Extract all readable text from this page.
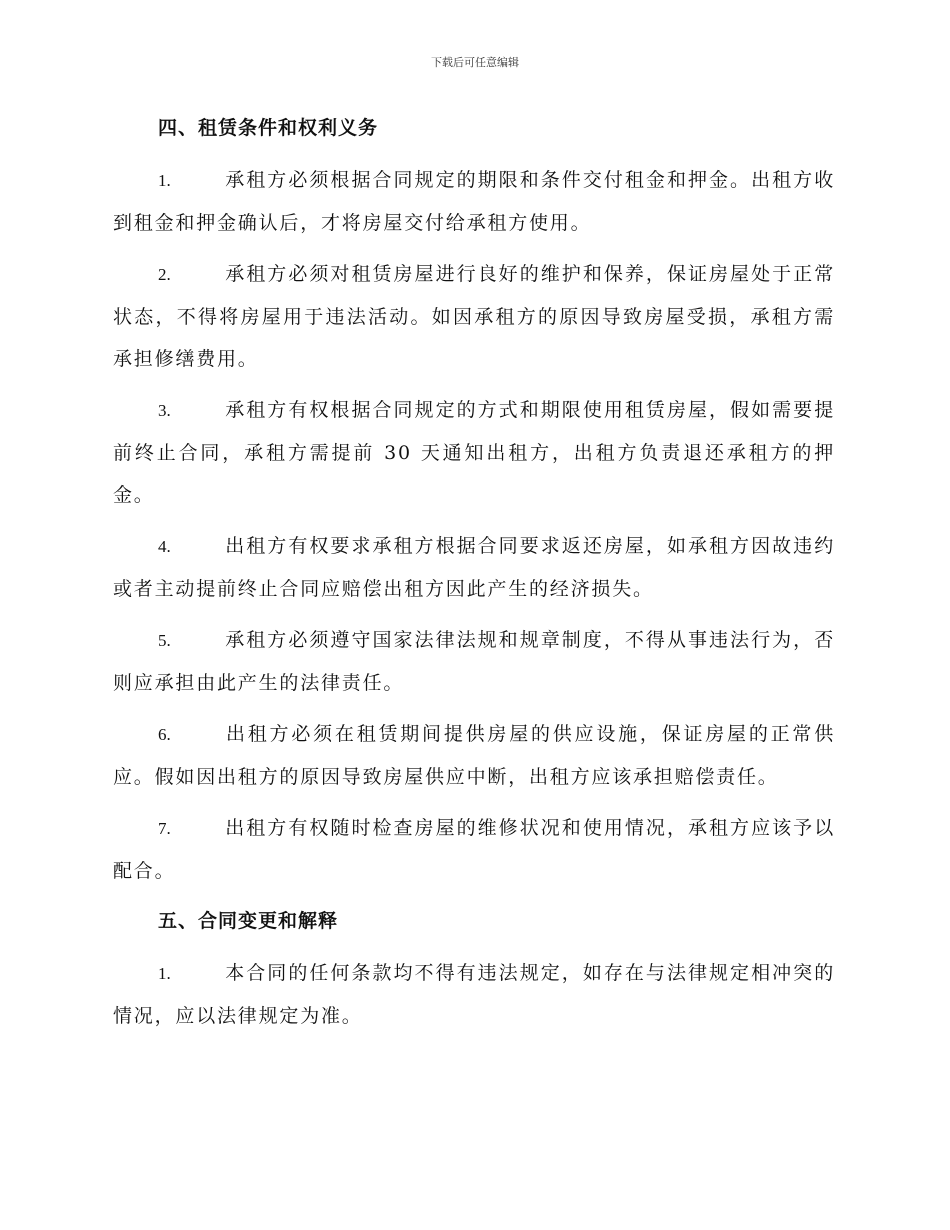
下载后可任意编辑
四、租赁条件和权利义务

1.	承租方必须根据合同规定的期限和条件交付租金和押金。出租方收到租金和押金确认后，才将房屋交付给承租方使用。

2.	承租方必须对租赁房屋进行良好的维护和保养，保证房屋处于正常状态，不得将房屋用于违法活动。如因承租方的原因导致房屋受损，承租方需承担修缮费用。

3.	承租方有权根据合同规定的方式和期限使用租赁房屋，假如需要提前终止合同，承租方需提前 30 天通知出租方，出租方负责退还承租方的押金。

4.	出租方有权要求承租方根据合同要求返还房屋，如承租方因故违约或者主动提前终止合同应赔偿出租方因此产生的经济损失。

5.	承租方必须遵守国家法律法规和规章制度，不得从事违法行为，否则应承担由此产生的法律责任。

6.	出租方必须在租赁期间提供房屋的供应设施，保证房屋的正常供应。假如因出租方的原因导致房屋供应中断，出租方应该承担赔偿责任。

7.	出租方有权随时检查房屋的维修状况和使用情况，承租方应该予以配合。

五、合同变更和解释

1.	本合同的任何条款均不得有违法规定，如存在与法律规定相冲突的情况，应以法律规定为准。
